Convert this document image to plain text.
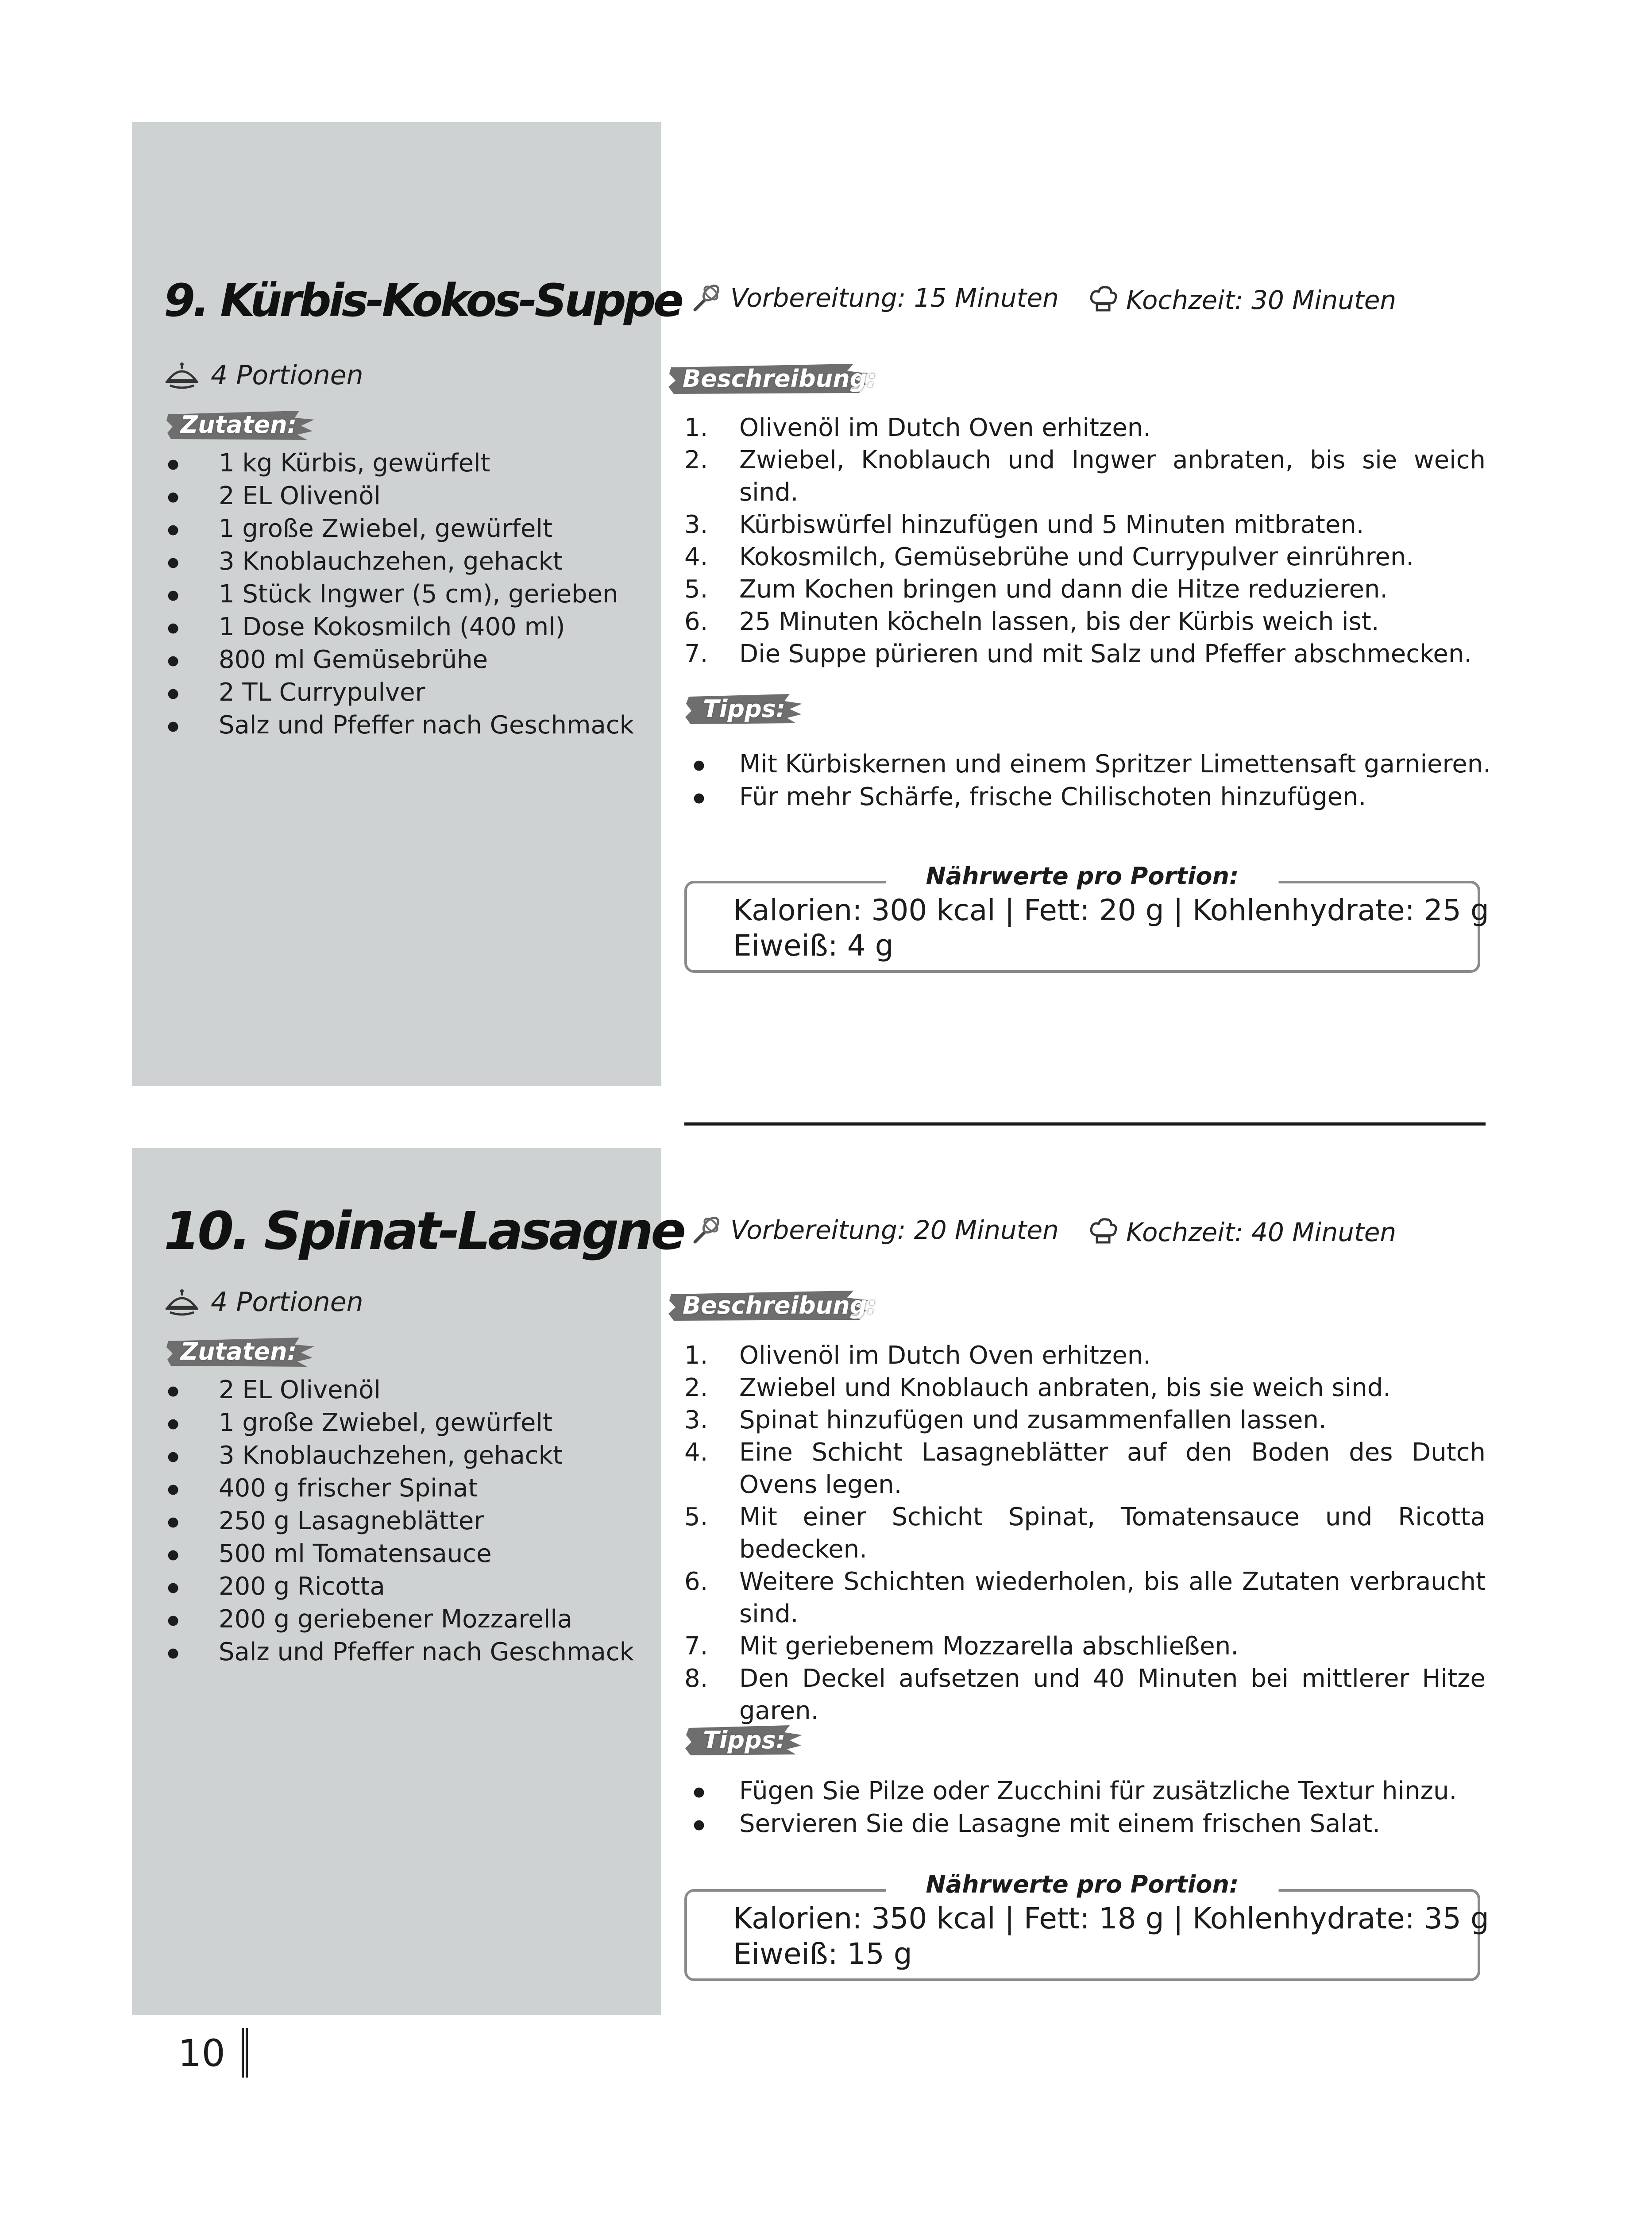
9. Kürbis-Kokos-Suppe
4 Portionen
Zutaten:
● 1 kg Kürbis, gewürfelt
● 2 EL Olivenöl
● 1 große Zwiebel, gewürfelt
● 3 Knoblauchzehen, gehackt
● 1 Stück Ingwer (5 cm), gerieben
● 1 Dose Kokosmilch (400 ml)
● 800 ml Gemüsebrühe
● 2 TL Currypulver
● Salz und Pfeffer nach Geschmack
Vorbereitung: 15 Minuten	Kochzeit: 30 Minuten
Beschreibung:
1. Olivenöl im Dutch Oven erhitzen.
2. Zwiebel, Knoblauch und Ingwer anbraten, bis sie weich sind.
3. Kürbiswürfel hinzufügen und 5 Minuten mitbraten.
4. Kokosmilch, Gemüsebrühe und Currypulver einrühren.
5. Zum Kochen bringen und dann die Hitze reduzieren.
6. 25 Minuten köcheln lassen, bis der Kürbis weich ist.
7. Die Suppe pürieren und mit Salz und Pfeffer abschmecken.
Tipps:
● Mit Kürbiskernen und einem Spritzer Limettensaft garnieren.
● Für mehr Schärfe, frische Chilischoten hinzufügen.
Nährwerte pro Portion:
Kalorien: 300 kcal | Fett: 20 g | Kohlenhydrate: 25 g
Eiweiß: 4 g
10. Spinat-Lasagne
4 Portionen
Zutaten:
● 2 EL Olivenöl
● 1 große Zwiebel, gewürfelt
● 3 Knoblauchzehen, gehackt
● 400 g frischer Spinat
● 250 g Lasagneblätter
● 500 ml Tomatensauce
● 200 g Ricotta
● 200 g geriebener Mozzarella
● Salz und Pfeffer nach Geschmack
Vorbereitung: 20 Minuten	Kochzeit: 40 Minuten
Beschreibung:
1. Olivenöl im Dutch Oven erhitzen.
2. Zwiebel und Knoblauch anbraten, bis sie weich sind.
3. Spinat hinzufügen und zusammenfallen lassen.
4. Eine Schicht Lasagneblätter auf den Boden des Dutch Ovens legen.
5. Mit einer Schicht Spinat, Tomatensauce und Ricotta bedecken.
6. Weitere Schichten wiederholen, bis alle Zutaten verbraucht sind.
7. Mit geriebenem Mozzarella abschließen.
8. Den Deckel aufsetzen und 40 Minuten bei mittlerer Hitze garen.
Tipps:
● Fügen Sie Pilze oder Zucchini für zusätzliche Textur hinzu.
● Servieren Sie die Lasagne mit einem frischen Salat.
Nährwerte pro Portion:
Kalorien: 350 kcal | Fett: 18 g | Kohlenhydrate: 35 g
Eiweiß: 15 g
10
